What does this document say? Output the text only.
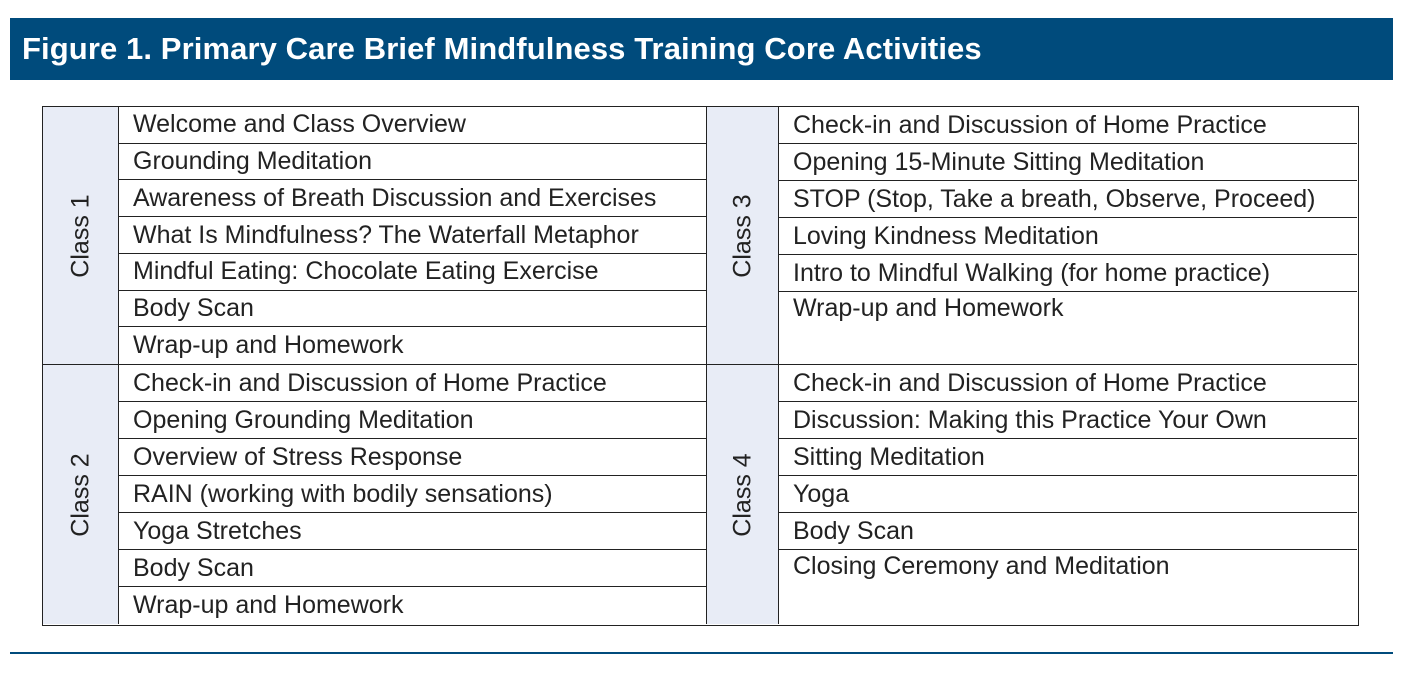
Figure 1. Primary Care Brief Mindfulness Training Core Activities
Class 1
Welcome and Class Overview
Grounding Meditation
Awareness of Breath Discussion and Exercises
What Is Mindfulness? The Waterfall Metaphor
Mindful Eating: Chocolate Eating Exercise
Body Scan
Wrap-up and Homework
Class 3
Check-in and Discussion of Home Practice
Opening 15-Minute Sitting Meditation
STOP (Stop, Take a breath, Observe, Proceed)
Loving Kindness Meditation
Intro to Mindful Walking (for home practice)
Wrap-up and Homework
Class 2
Check-in and Discussion of Home Practice
Opening Grounding Meditation
Overview of Stress Response
RAIN (working with bodily sensations)
Yoga Stretches
Body Scan
Wrap-up and Homework
Class 4
Check-in and Discussion of Home Practice
Discussion: Making this Practice Your Own
Sitting Meditation
Yoga
Body Scan
Closing Ceremony and Meditation
